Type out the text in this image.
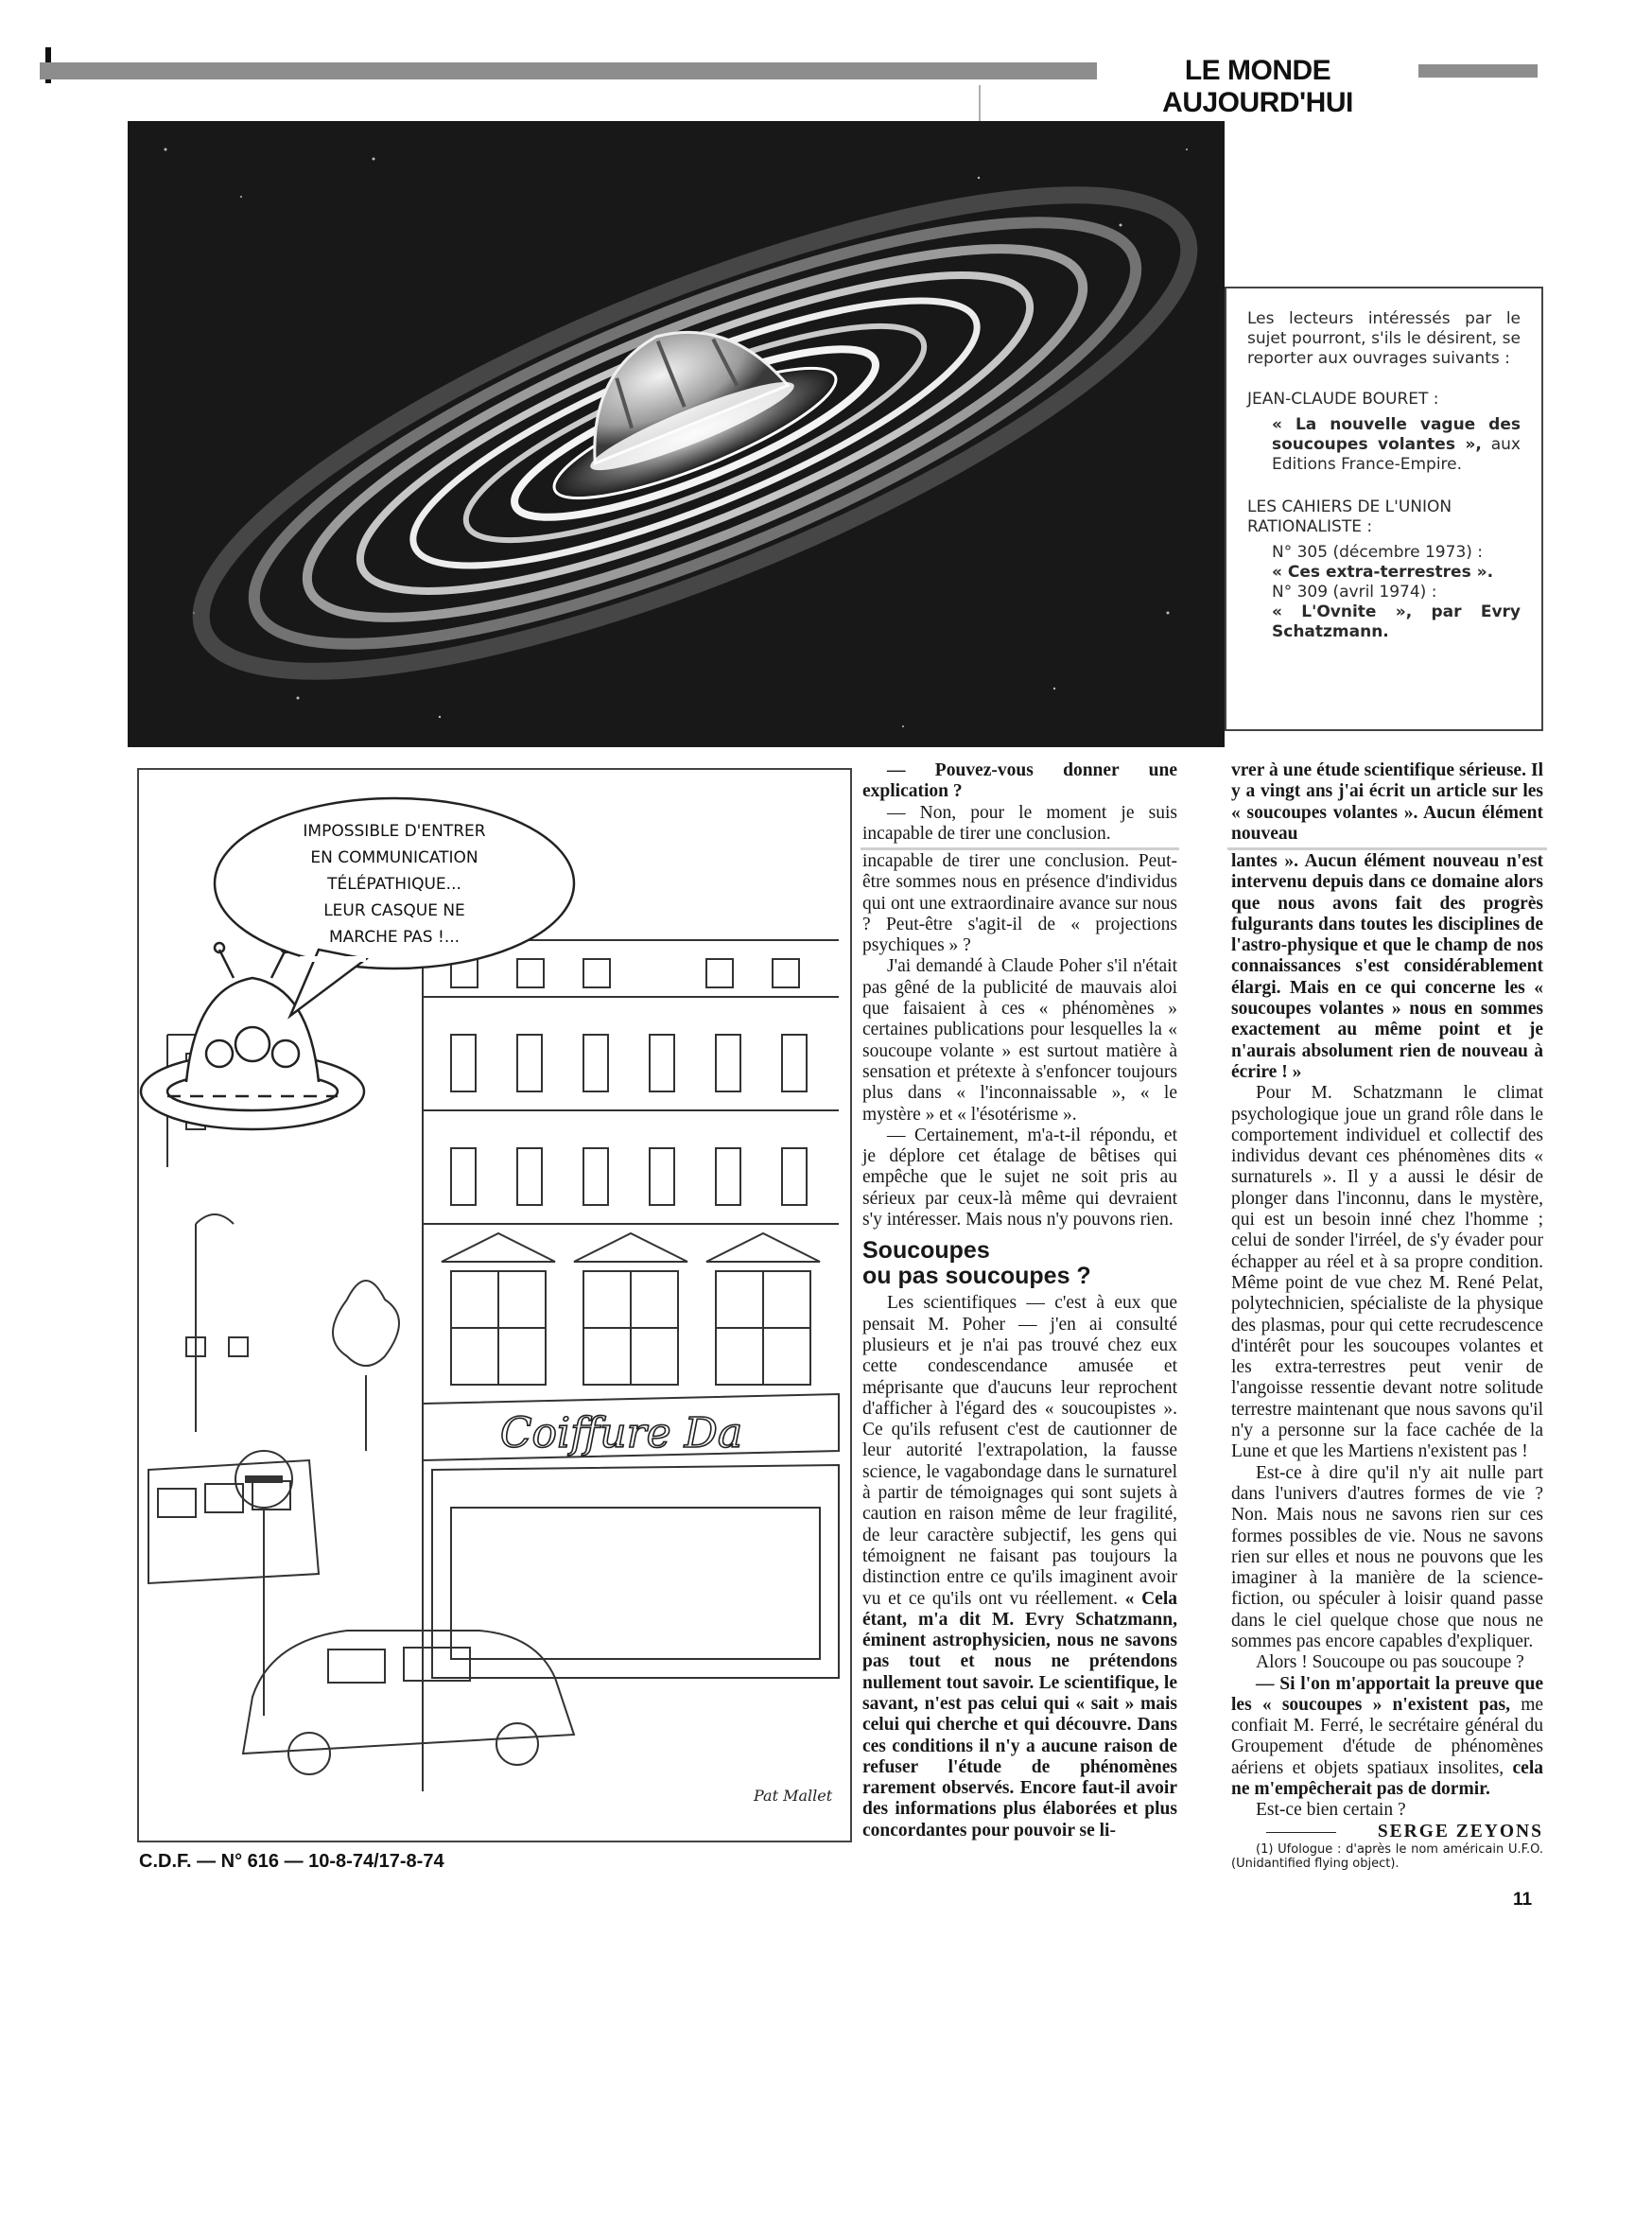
LE MONDE AUJOURD'HUI

Les lecteurs intéressés par le sujet pourront, s'ils le désirent, se reporter aux ouvrages suivants :

JEAN-CLAUDE BOURET :

« La nouvelle vague des soucoupes volantes », aux Editions France-Empire.

LES CAHIERS DE L'UNION RATIONALISTE :

N° 305 (décembre 1973) :
« Ces extra-terrestres ».
N° 309 (avril 1974) :
« L'Ovnite », par Evry Schatzmann.

IMPOSSIBLE D'ENTRER
EN COMMUNICATION
TÉLÉPATHIQUE...
LEUR CASQUE NE
MARCHE PAS !...
Coiffure Da
Pat Mallet

— Pouvez-vous donner une explication ?

— Non, pour le moment je suis incapable de tirer une conclusion.

vrer à une étude scientifique sérieuse. Il y a vingt ans j'ai écrit un article sur les « soucoupes volantes ». Aucun élément nouveau

incapable de tirer une conclusion. Peut-être sommes nous en présence d'individus qui ont une extraordinaire avance sur nous ? Peut-être s'agit-il de « projections psychiques » ?

J'ai demandé à Claude Poher s'il n'était pas gêné de la publicité de mauvais aloi que faisaient à ces « phénomènes » certaines publications pour lesquelles la « soucoupe volante » est surtout matière à sensation et prétexte à s'enfoncer toujours plus dans « l'inconnaissable », « le mystère » et « l'ésotérisme ».

— Certainement, m'a-t-il répondu, et je déplore cet étalage de bêtises qui empêche que le sujet ne soit pris au sérieux par ceux-là même qui devraient s'y intéresser. Mais nous n'y pouvons rien.

Soucoupes
ou pas soucoupes ?

Les scientifiques — c'est à eux que pensait M. Poher — j'en ai consulté plusieurs et je n'ai pas trouvé chez eux cette condescendance amusée et méprisante que d'aucuns leur reprochent d'afficher à l'égard des « soucoupistes ». Ce qu'ils refusent c'est de cautionner de leur autorité l'extrapolation, la fausse science, le vagabondage dans le surnaturel à partir de témoignages qui sont sujets à caution en raison même de leur fragilité, de leur caractère subjectif, les gens qui témoignent ne faisant pas toujours la distinction entre ce qu'ils imaginent avoir vu et ce qu'ils ont vu réellement. « Cela étant, m'a dit M. Evry Schatzmann, éminent astrophysicien, nous ne savons pas tout et nous ne prétendons nullement tout savoir. Le scientifique, le savant, n'est pas celui qui « sait » mais celui qui cherche et qui découvre. Dans ces conditions il n'y a aucune raison de refuser l'étude de phénomènes rarement observés. Encore faut-il avoir des informations plus élaborées et plus concordantes pour pouvoir se li-

lantes ». Aucun élément nouveau n'est intervenu depuis dans ce domaine alors que nous avons fait des progrès fulgurants dans toutes les disciplines de l'astro-physique et que le champ de nos connaissances s'est considérablement élargi. Mais en ce qui concerne les « soucoupes volantes » nous en sommes exactement au même point et je n'aurais absolument rien de nouveau à écrire ! »

Pour M. Schatzmann le climat psychologique joue un grand rôle dans le comportement individuel et collectif des individus devant ces phénomènes dits « surnaturels ». Il y a aussi le désir de plonger dans l'inconnu, dans le mystère, qui est un besoin inné chez l'homme ; celui de sonder l'irréel, de s'y évader pour échapper au réel et à sa propre condition. Même point de vue chez M. René Pelat, polytechnicien, spécialiste de la physique des plasmas, pour qui cette recrudescence d'intérêt pour les soucoupes volantes et les extra-terrestres peut venir de l'angoisse ressentie devant notre solitude terrestre maintenant que nous savons qu'il n'y a personne sur la face cachée de la Lune et que les Martiens n'existent pas !

Est-ce à dire qu'il n'y ait nulle part dans l'univers d'autres formes de vie ? Non. Mais nous ne savons rien sur ces formes possibles de vie. Nous ne savons rien sur elles et nous ne pouvons que les imaginer à la manière de la science-fiction, ou spéculer à loisir quand passe dans le ciel quelque chose que nous ne sommes pas encore capables d'expliquer.

Alors ! Soucoupe ou pas soucoupe ?

— Si l'on m'apportait la preuve que les « soucoupes » n'existent pas, me confiait M. Ferré, le secrétaire général du Groupement d'étude de phénomènes aériens et objets spatiaux insolites, cela ne m'empêcherait pas de dormir.

Est-ce bien certain ?

SERGE ZEYONS

(1) Ufologue : d'après le nom américain U.F.O. (Unidantified flying object).

C.D.F. — N° 616 — 10-8-74/17-8-74
11
